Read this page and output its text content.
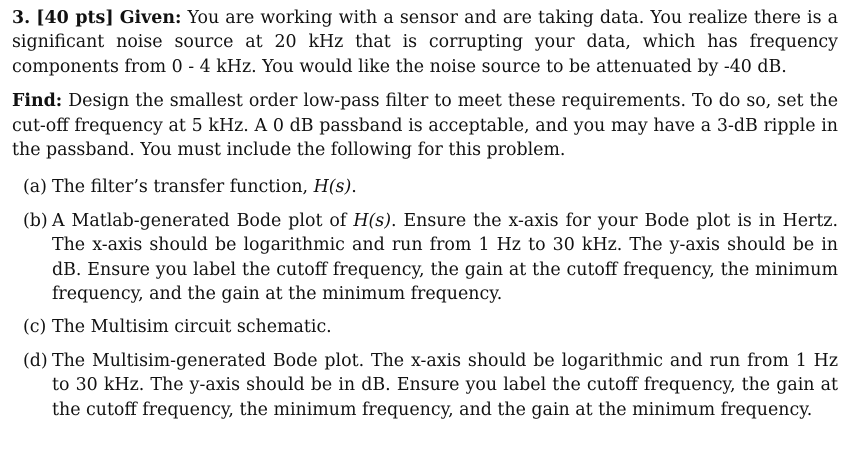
3. [40 pts] Given: You are working with a sensor and are taking data. You realize there is a significant noise source at 20 kHz that is corrupting your data, which has frequency components from 0 - 4 kHz. You would like the noise source to be attenuated by -40 dB.

Find: Design the smallest order low-pass filter to meet these requirements. To do so, set the cut-off frequency at 5 kHz. A 0 dB passband is acceptable, and you may have a 3-dB ripple in the passband. You must include the following for this problem.

(a) The filter’s transfer function, H(s).
(b) A Matlab-generated Bode plot of H(s). Ensure the x-axis for your Bode plot is in Hertz. The x-axis should be logarithmic and run from 1 Hz to 30 kHz. The y-axis should be in dB. Ensure you label the cutoff frequency, the gain at the cutoff frequency, the minimum frequency, and the gain at the minimum frequency.
(c) The Multisim circuit schematic.
(d) The Multisim-generated Bode plot. The x-axis should be logarithmic and run from 1 Hz to 30 kHz. The y-axis should be in dB. Ensure you label the cutoff frequency, the gain at the cutoff frequency, the minimum frequency, and the gain at the minimum frequency.
